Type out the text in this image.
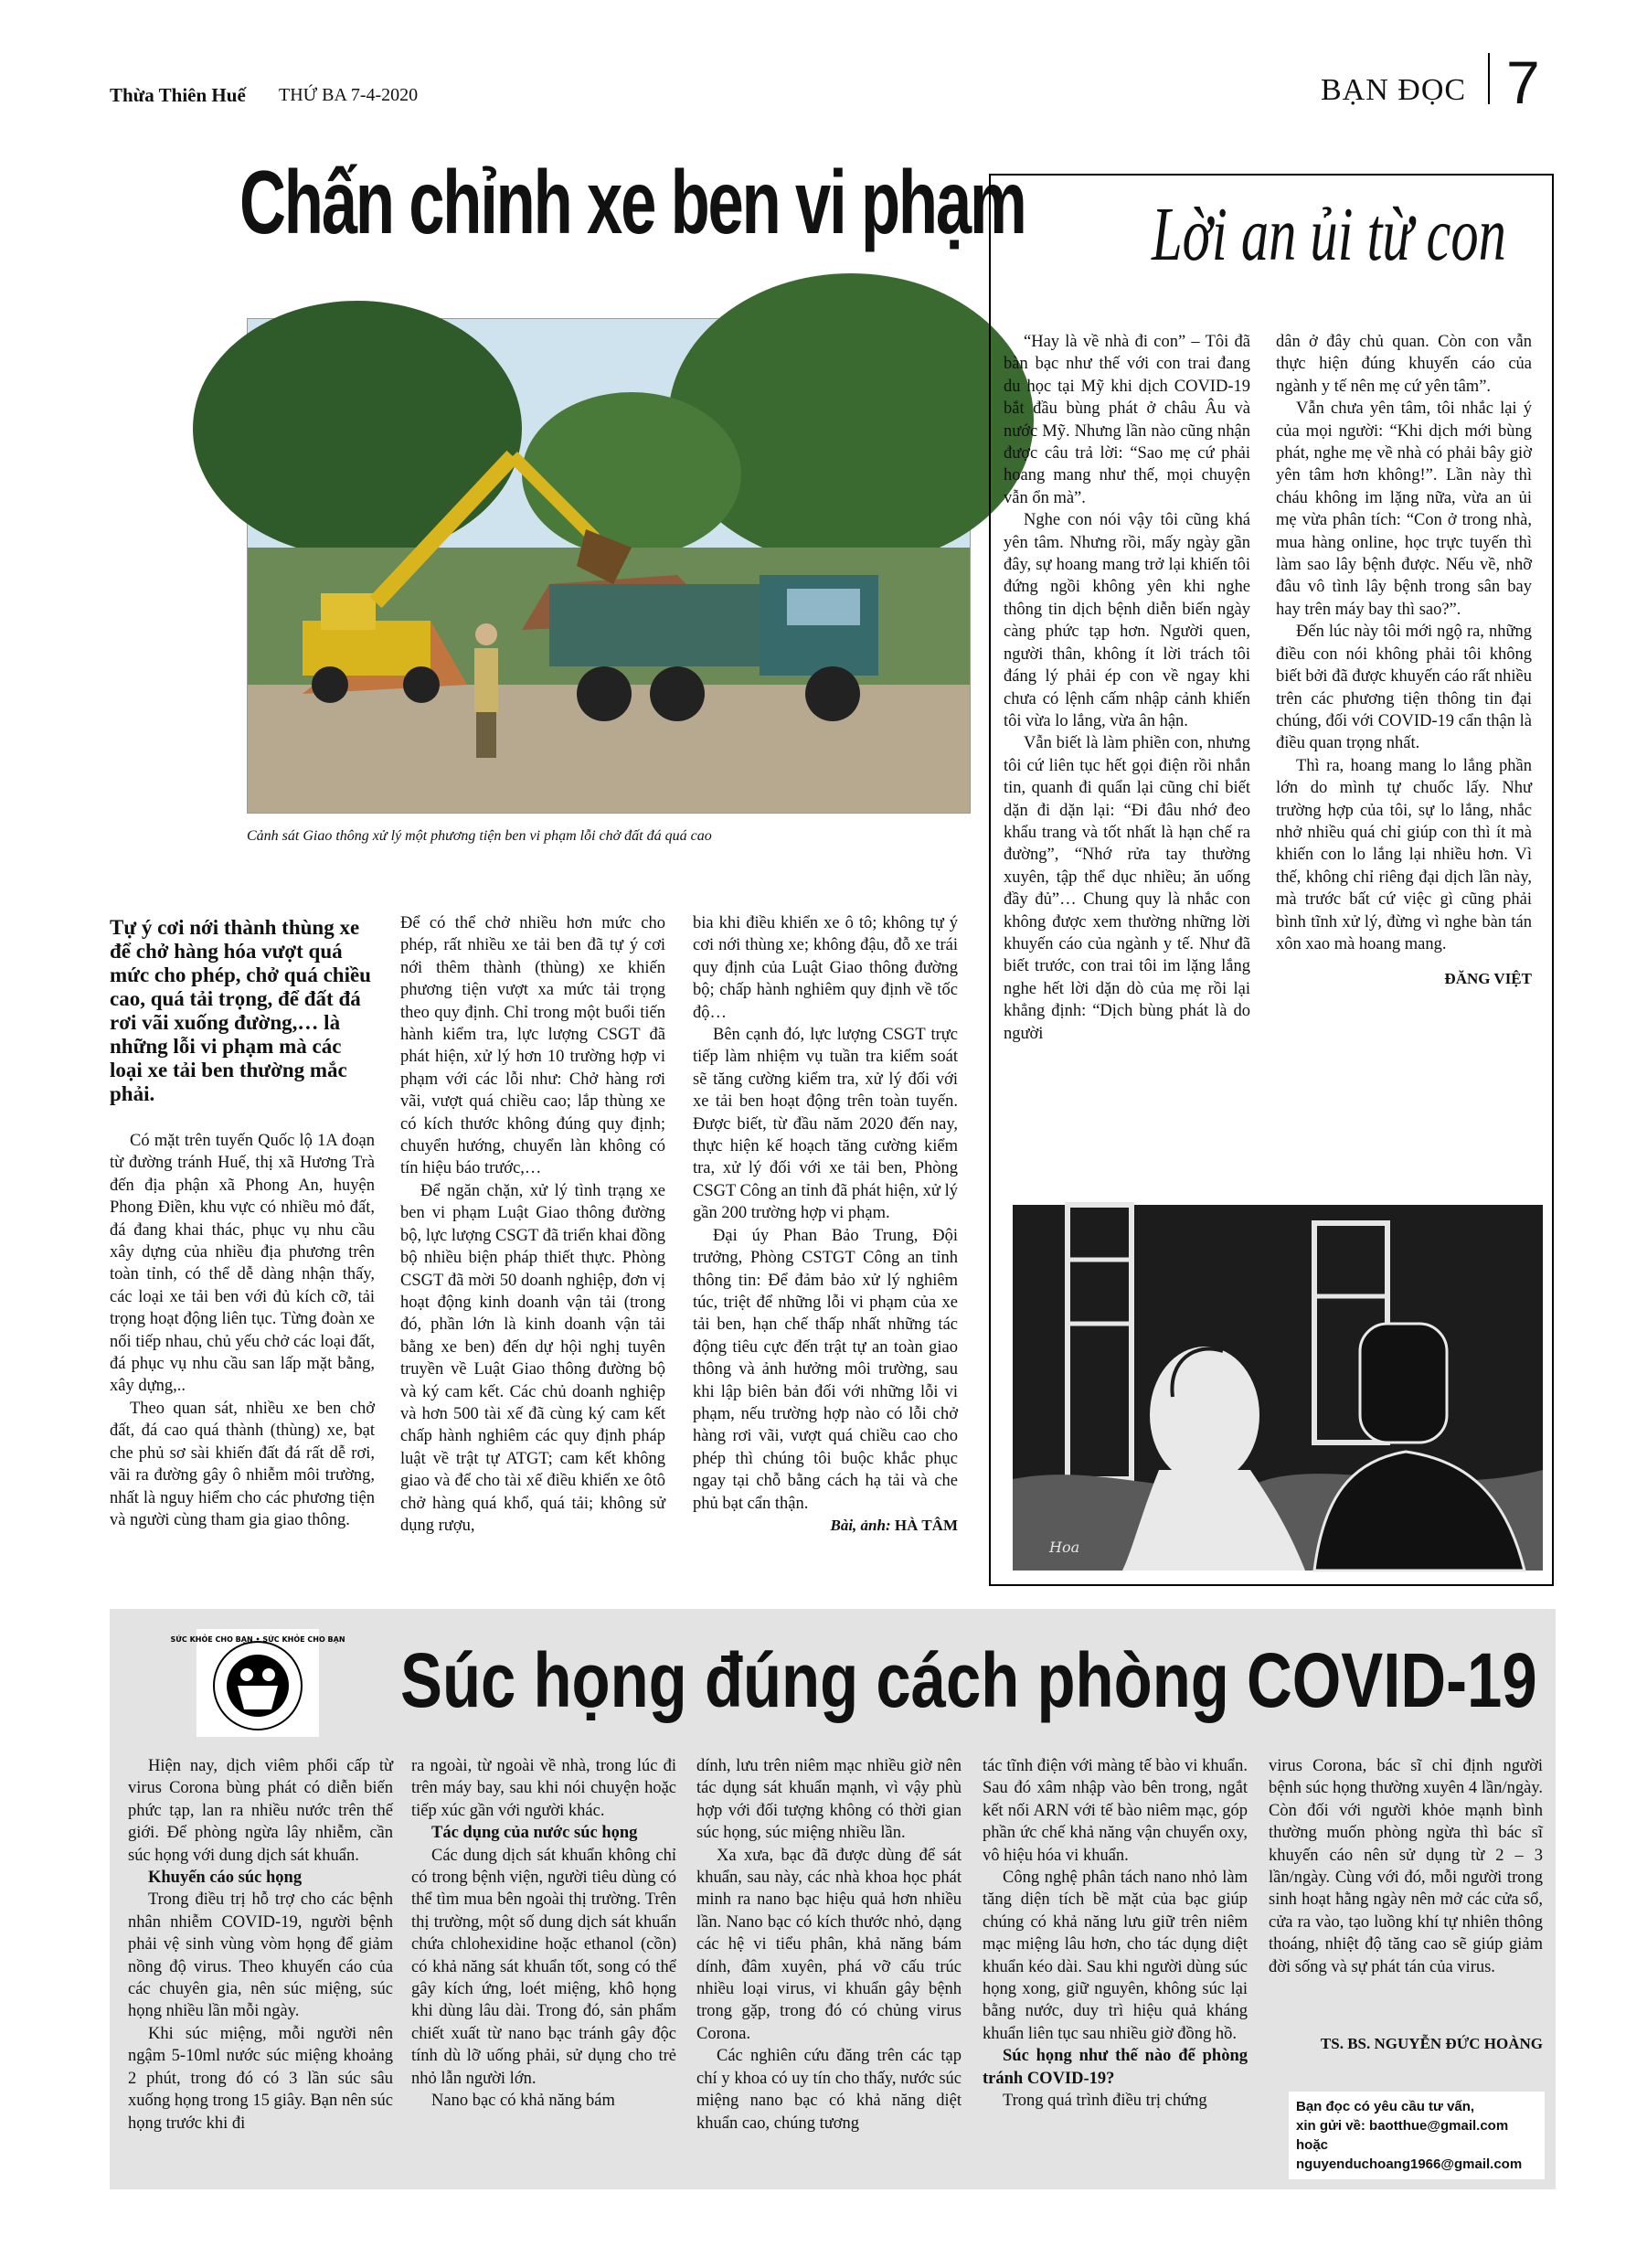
Thừa Thiên Huế THỨ BA 7-4-2020	BẠN ĐỌC 7
Chấn chỉnh xe ben vi phạm
Cảnh sát Giao thông xử lý một phương tiện ben vi phạm lỗi chở đất đá quá cao
Tự ý cơi nới thành thùng xe để chở hàng hóa vượt quá mức cho phép, chở quá chiều cao, quá tải trọng, để đất đá rơi vãi xuống đường,… là những lỗi vi phạm mà các loại xe tải ben thường mắc phải.

Có mặt trên tuyến Quốc lộ 1A đoạn từ đường tránh Huế, thị xã Hương Trà đến địa phận xã Phong An, huyện Phong Điền, khu vực có nhiều mỏ đất, đá đang khai thác, phục vụ nhu cầu xây dựng của nhiều địa phương trên toàn tỉnh, có thể dễ dàng nhận thấy, các loại xe tải ben với đủ kích cỡ, tải trọng hoạt động liên tục. Từng đoàn xe nối tiếp nhau, chủ yếu chở các loại đất, đá phục vụ nhu cầu san lấp mặt bằng, xây dựng,..

Theo quan sát, nhiều xe ben chở đất, đá cao quá thành (thùng) xe, bạt che phủ sơ sài khiến đất đá rất dễ rơi, vãi ra đường gây ô nhiễm môi trường, nhất là nguy hiểm cho các phương tiện và người cùng tham gia giao thông.

Để có thể chở nhiều hơn mức cho phép, rất nhiều xe tải ben đã tự ý cơi nới thêm thành (thùng) xe khiến phương tiện vượt xa mức tải trọng theo quy định. Chỉ trong một buổi tiến hành kiểm tra, lực lượng CSGT đã phát hiện, xử lý hơn 10 trường hợp vi phạm với các lỗi như: Chở hàng rơi vãi, vượt quá chiều cao; lắp thùng xe có kích thước không đúng quy định; chuyển hướng, chuyển làn không có tín hiệu báo trước,…

Để ngăn chặn, xử lý tình trạng xe ben vi phạm Luật Giao thông đường bộ, lực lượng CSGT đã triển khai đồng bộ nhiều biện pháp thiết thực. Phòng CSGT đã mời 50 doanh nghiệp, đơn vị hoạt động kinh doanh vận tải (trong đó, phần lớn là kinh doanh vận tải bằng xe ben) đến dự hội nghị tuyên truyền về Luật Giao thông đường bộ và ký cam kết. Các chủ doanh nghiệp và hơn 500 tài xế đã cùng ký cam kết chấp hành nghiêm các quy định pháp luật về trật tự ATGT; cam kết không giao và để cho tài xế điều khiển xe ôtô chở hàng quá khổ, quá tải; không sử dụng rượu,

bia khi điều khiển xe ô tô; không tự ý cơi nới thùng xe; không đậu, đỗ xe trái quy định của Luật Giao thông đường bộ; chấp hành nghiêm quy định về tốc độ…

Bên cạnh đó, lực lượng CSGT trực tiếp làm nhiệm vụ tuần tra kiểm soát sẽ tăng cường kiểm tra, xử lý đối với xe tải ben hoạt động trên toàn tuyến. Được biết, từ đầu năm 2020 đến nay, thực hiện kế hoạch tăng cường kiểm tra, xử lý đối với xe tải ben, Phòng CSGT Công an tỉnh đã phát hiện, xử lý gần 200 trường hợp vi phạm.

Đại úy Phan Bảo Trung, Đội trưởng, Phòng CSTGT Công an tỉnh thông tin: Để đảm bảo xử lý nghiêm túc, triệt để những lỗi vi phạm của xe tải ben, hạn chế thấp nhất những tác động tiêu cực đến trật tự an toàn giao thông và ảnh hưởng môi trường, sau khi lập biên bản đối với những lỗi vi phạm, nếu trường hợp nào có lỗi chở hàng rơi vãi, vượt quá chiều cao cho phép thì chúng tôi buộc khắc phục ngay tại chỗ bằng cách hạ tải và che phủ bạt cẩn thận.

Bài, ảnh: HÀ TÂM
Lời an ủi từ con

“Hay là về nhà đi con” – Tôi đã bàn bạc như thế với con trai đang du học tại Mỹ khi dịch COVID-19 bắt đầu bùng phát ở châu Âu và nước Mỹ. Nhưng lần nào cũng nhận được câu trả lời: “Sao mẹ cứ phải hoang mang như thế, mọi chuyện vẫn ổn mà”.

Nghe con nói vậy tôi cũng khá yên tâm. Nhưng rồi, mấy ngày gần đây, sự hoang mang trở lại khiến tôi đứng ngồi không yên khi nghe thông tin dịch bệnh diễn biến ngày càng phức tạp hơn. Người quen, người thân, không ít lời trách tôi đáng lý phải ép con về ngay khi chưa có lệnh cấm nhập cảnh khiến tôi vừa lo lắng, vừa ân hận.

Vẫn biết là làm phiền con, nhưng tôi cứ liên tục hết gọi điện rồi nhắn tin, quanh đi quẩn lại cũng chỉ biết dặn đi dặn lại: “Đi đâu nhớ đeo khẩu trang và tốt nhất là hạn chế ra đường”, “Nhớ rửa tay thường xuyên, tập thể dục nhiều; ăn uống đầy đủ”… Chung quy là nhắc con không được xem thường những lời khuyến cáo của ngành y tế. Như đã biết trước, con trai tôi im lặng lắng nghe hết lời dặn dò của mẹ rồi lại khẳng định: “Dịch bùng phát là do người

dân ở đây chủ quan. Còn con vẫn thực hiện đúng khuyến cáo của ngành y tế nên mẹ cứ yên tâm”.

Vẫn chưa yên tâm, tôi nhắc lại ý của mọi người: “Khi dịch mới bùng phát, nghe mẹ về nhà có phải bây giờ yên tâm hơn không!”. Lần này thì cháu không im lặng nữa, vừa an ủi mẹ vừa phân tích: “Con ở trong nhà, mua hàng online, học trực tuyến thì làm sao lây bệnh được. Nếu về, nhỡ đâu vô tình lây bệnh trong sân bay hay trên máy bay thì sao?”.

Đến lúc này tôi mới ngộ ra, những điều con nói không phải tôi không biết bởi đã được khuyến cáo rất nhiều trên các phương tiện thông tin đại chúng, đối với COVID-19 cẩn thận là điều quan trọng nhất.

Thì ra, hoang mang lo lắng phần lớn do mình tự chuốc lấy. Như trường hợp của tôi, sự lo lắng, nhắc nhở nhiều quá chỉ giúp con thì ít mà khiến con lo lắng lại nhiều hơn. Vì thế, không chỉ riêng đại dịch lần này, mà trước bất cứ việc gì cũng phải bình tĩnh xử lý, đừng vì nghe bàn tán xôn xao mà hoang mang.

ĐĂNG VIỆT
Hoa
SỨC KHỎE CHO BẠN • SỨC KHỎE CHO BẠN Súc họng đúng cách phòng COVID-19

Hiện nay, dịch viêm phổi cấp từ virus Corona bùng phát có diễn biến phức tạp, lan ra nhiều nước trên thế giới. Để phòng ngừa lây nhiễm, cần súc họng với dung dịch sát khuẩn.

Khuyến cáo súc họng

Trong điều trị hỗ trợ cho các bệnh nhân nhiễm COVID-19, người bệnh phải vệ sinh vùng vòm họng để giảm nồng độ virus. Theo khuyến cáo của các chuyên gia, nên súc miệng, súc họng nhiều lần mỗi ngày.

Khi súc miệng, mỗi người nên ngậm 5-10ml nước súc miệng khoảng 2 phút, trong đó có 3 lần súc sâu xuống họng trong 15 giây. Bạn nên súc họng trước khi đi

ra ngoài, từ ngoài về nhà, trong lúc đi trên máy bay, sau khi nói chuyện hoặc tiếp xúc gần với người khác.

Tác dụng của nước súc họng

Các dung dịch sát khuẩn không chỉ có trong bệnh viện, người tiêu dùng có thể tìm mua bên ngoài thị trường. Trên thị trường, một số dung dịch sát khuẩn chứa chlohexidine hoặc ethanol (cồn) có khả năng sát khuẩn tốt, song có thể gây kích ứng, loét miệng, khô họng khi dùng lâu dài. Trong đó, sản phẩm chiết xuất từ nano bạc tránh gây độc tính dù lỡ uống phải, sử dụng cho trẻ nhỏ lẫn người lớn.

Nano bạc có khả năng bám

dính, lưu trên niêm mạc nhiều giờ nên tác dụng sát khuẩn mạnh, vì vậy phù hợp với đối tượng không có thời gian súc họng, súc miệng nhiều lần.

Xa xưa, bạc đã được dùng để sát khuẩn, sau này, các nhà khoa học phát minh ra nano bạc hiệu quả hơn nhiều lần. Nano bạc có kích thước nhỏ, dạng các hệ vi tiểu phân, khả năng bám dính, đâm xuyên, phá vỡ cấu trúc nhiều loại virus, vi khuẩn gây bệnh trong gặp, trong đó có chủng virus Corona.

Các nghiên cứu đăng trên các tạp chí y khoa có uy tín cho thấy, nước súc miệng nano bạc có khả năng diệt khuẩn cao, chúng tương

tác tĩnh điện với màng tế bào vi khuẩn. Sau đó xâm nhập vào bên trong, ngắt kết nối ARN với tế bào niêm mạc, góp phần ức chế khả năng vận chuyển oxy, vô hiệu hóa vi khuẩn.

Công nghệ phân tách nano nhỏ làm tăng diện tích bề mặt của bạc giúp chúng có khả năng lưu giữ trên niêm mạc miệng lâu hơn, cho tác dụng diệt khuẩn kéo dài. Sau khi người dùng súc họng xong, giữ nguyên, không súc lại bằng nước, duy trì hiệu quả kháng khuẩn liên tục sau nhiều giờ đồng hồ.

Súc họng như thế nào để phòng tránh COVID-19?

Trong quá trình điều trị chứng

virus Corona, bác sĩ chỉ định người bệnh súc họng thường xuyên 4 lần/ngày. Còn đối với người khỏe mạnh bình thường muốn phòng ngừa thì bác sĩ khuyến cáo nên sử dụng từ 2 – 3 lần/ngày. Cùng với đó, mỗi người trong sinh hoạt hằng ngày nên mở các cửa sổ, cửa ra vào, tạo luồng khí tự nhiên thông thoáng, nhiệt độ tăng cao sẽ giúp giảm đời sống và sự phát tán của virus.

TS. BS. NGUYỄN ĐỨC HOÀNG
Bạn đọc có yêu cầu tư vấn,
xin gửi về: baotthue@gmail.com
hoặc nguyenduchoang1966@gmail.com
